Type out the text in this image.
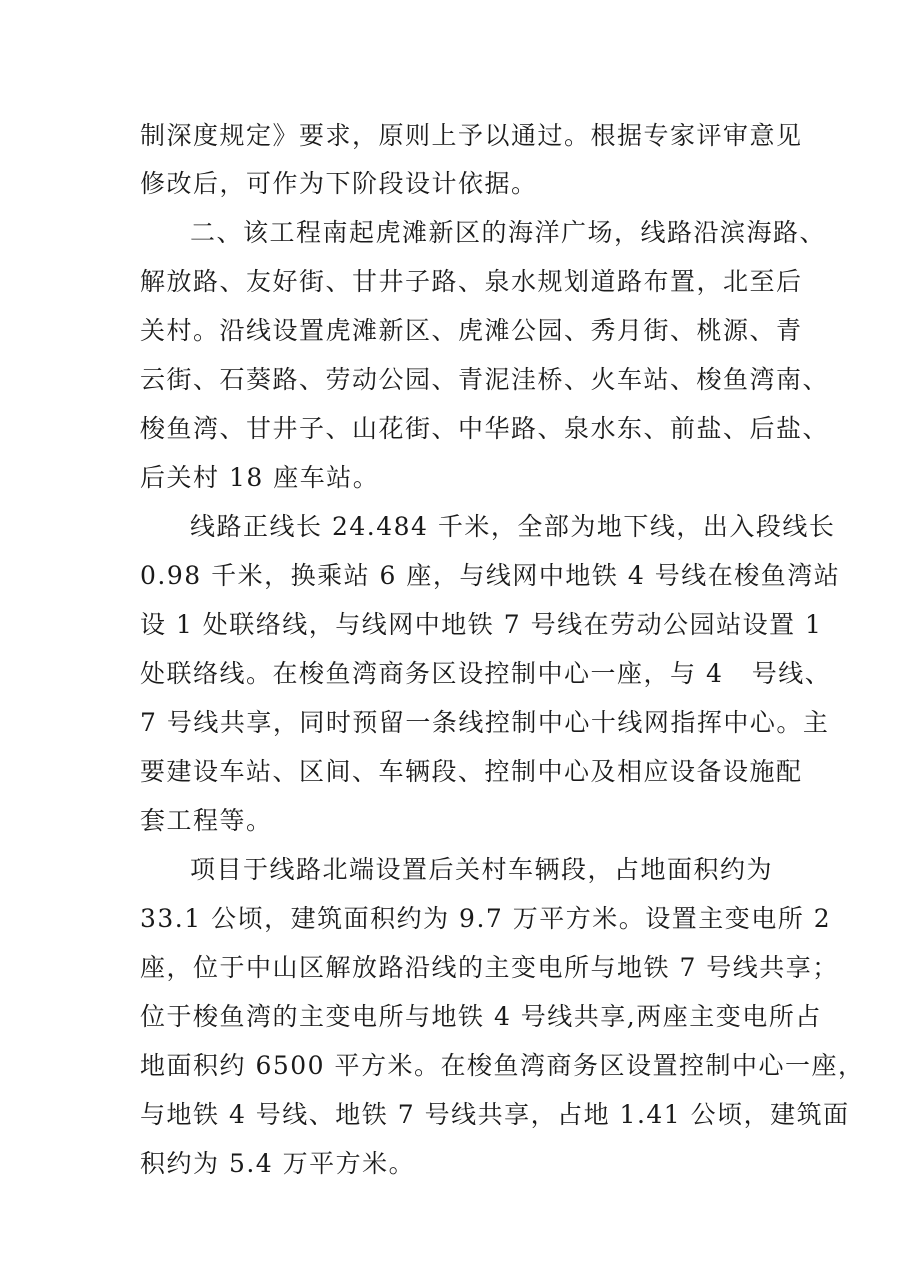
制深度规定》要求，原则上予以通过。根据专家评审意见
修改后，可作为下阶段设计依据。
二、该工程南起虎滩新区的海洋广场，线路沿滨海路、
解放路、友好街、甘井子路、泉水规划道路布置，北至后
关村。沿线设置虎滩新区、虎滩公园、秀月街、桃源、青
云街、石葵路、劳动公园、青泥洼桥、火车站、梭鱼湾南、
梭鱼湾、甘井子、山花街、中华路、泉水东、前盐、后盐、
后关村 18 座车站。
线路正线长 24.484 千米，全部为地下线，出入段线长
0.98 千米，换乘站 6 座，与线网中地铁 4 号线在梭鱼湾站
设 1 处联络线，与线网中地铁 7 号线在劳动公园站设置 1
处联络线。在梭鱼湾商务区设控制中心一座，与 4   号线、
7 号线共享，同时预留一条线控制中心十线网指挥中心。主
要建设车站、区间、车辆段、控制中心及相应设备设施配
套工程等。
项目于线路北端设置后关村车辆段，占地面积约为
33.1 公顷，建筑面积约为 9.7 万平方米。设置主变电所 2
座，位于中山区解放路沿线的主变电所与地铁 7 号线共享；
位于梭鱼湾的主变电所与地铁 4 号线共享,两座主变电所占
地面积约 6500 平方米。在梭鱼湾商务区设置控制中心一座，
与地铁 4 号线、地铁 7 号线共享，占地 1.41 公顷，建筑面
积约为 5.4 万平方米。
